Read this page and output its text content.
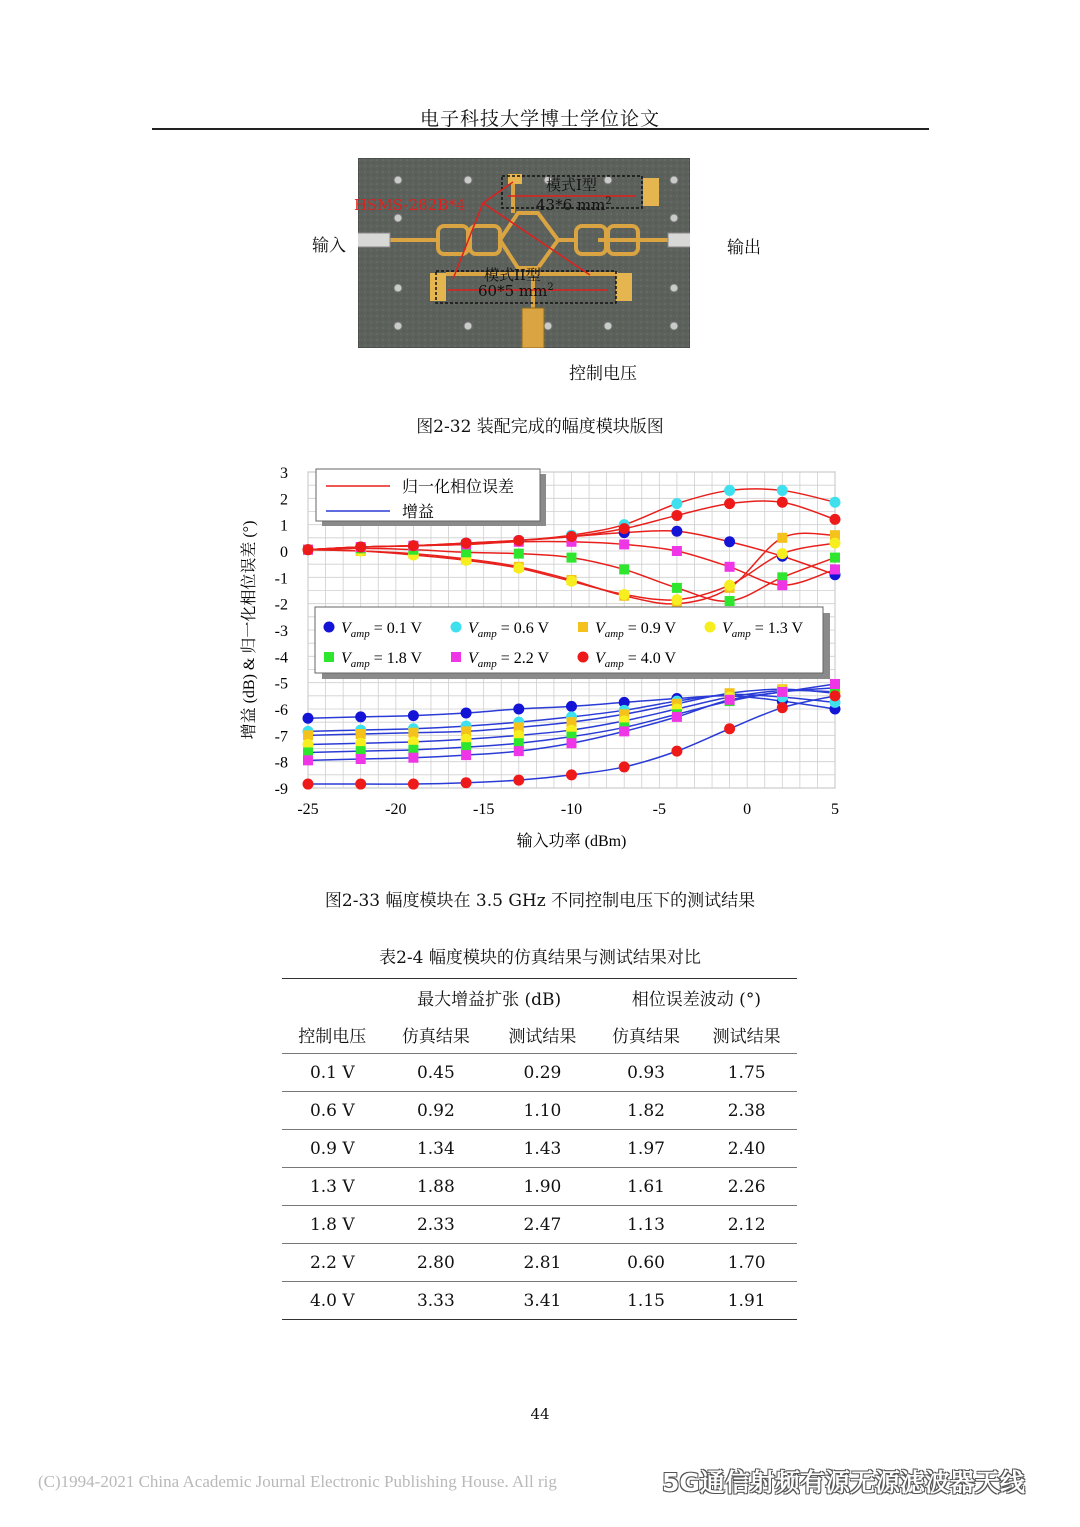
电子科技大学博士学位论文
输入	输出
控制电压
HSMS-282B*4
模式I型
43*6 $mm^2$
模式II型
60*5 $mm^2$
图2-32 装配完成的幅度模块版图
-25	-20	-15	-10	-5	0	5
3
2
1
0
-1
-2
-3
-4
-5
-6
-7
-8
-9
输入功率 (dBm)
增益 (dB) & 归一化相位误差 (°)
归一化相位误差
增益
$V_{amp} = 0.1$ V	$V_{amp} = 0.6$ V	$V_{amp} = 0.9$ V	$V_{amp} = 1.3$ V
$V_{amp} = 1.8$ V	$V_{amp} = 2.2$ V	$V_{amp} = 4.0$ V
图2-33 幅度模块在 3.5 GHz 不同控制电压下的测试结果
表2-4 幅度模块的仿真结果与测试结果对比
	最大增益扩张 (dB)		相位误差波动 (°)	
控制电压	仿真结果	测试结果	仿真结果	测试结果
0.1 V	0.45	0.29	0.93	1.75
0.6 V	0.92	1.10	1.82	2.38
0.9 V	1.34	1.43	1.97	2.40
1.3 V	1.88	1.90	1.61	2.26
1.8 V	2.33	2.47	1.13	2.12
2.2 V	2.80	2.81	0.60	1.70
4.0 V	3.33	3.41	1.15	1.91
44
(C)1994-2021 China Academic Journal Electronic Publishing House. All rig	5G通信射频有源无源滤波器天线
